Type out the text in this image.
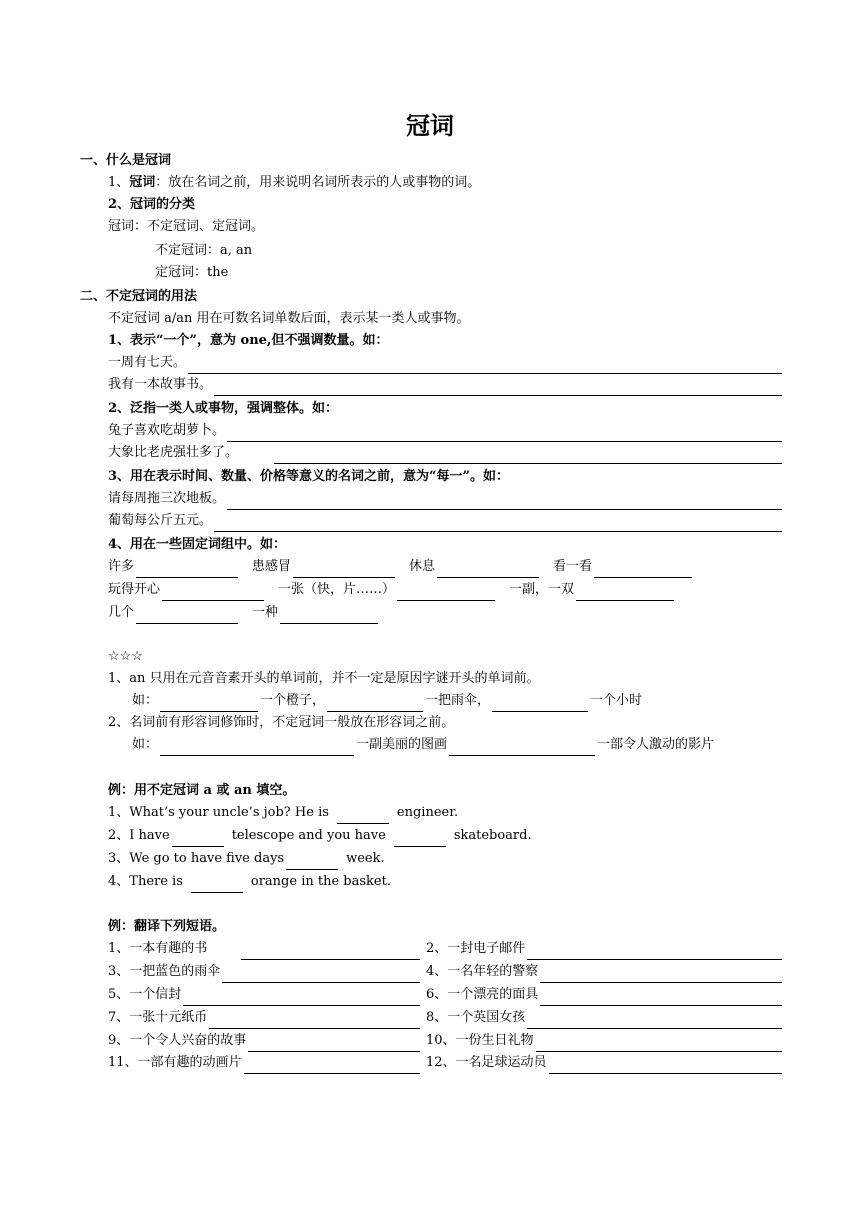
冠词
一、什么是冠词
1、 冠词 ：放在名词之前，用来说明名词所表示的人或事物的词。
2、冠词的分类
冠词：不定冠词、定冠词。
不定冠词：a, an
定冠词：the
二、不定冠词的用法
不定冠词 a/an 用在可数名词单数后面，表示某一类人或事物。
1、表示“一个”，意为 one,但不强调数量。如：
一周有七天。
我有一本故事书。
2、泛指一类人或事物，强调整体。如：
兔子喜欢吃胡萝卜。
大象比老虎强壮多了。
3、用在表示时间、数量、价格等意义的名词之前，意为“每一”。如：
请每周拖三次地板。
葡萄每公斤五元。
4、用在一些固定词组中。如：
许多	患感冒	休息	看一看
玩得开心	一张（快，片……）	一副，一双
几个	一种
☆☆☆
1、an 只用在元音音素开头的单词前，并不一定是原因字谜开头的单词前。
如：	一个橙子，	一把雨伞，	一个小时
2、名词前有形容词修饰时，不定冠词一般放在形容词之前。
如：	一副美丽的图画	一部令人激动的影片
例：用不定冠词 a 或 an 填空。
1、What’s your uncle’s job? He is	engineer.
2、I have	telescope and you have	skateboard.
3、We go to have five days	week.
4、There is	orange in the basket.
例：翻译下列短语。
1、一本有趣的书	2、一封电子邮件
3、一把蓝色的雨伞	4、一名年轻的警察
5、一个信封	6、一个漂亮的面具
7、一张十元纸币	8、一个英国女孩
9、一个令人兴奋的故事	10、一份生日礼物
11、一部有趣的动画片	12、一名足球运动员
